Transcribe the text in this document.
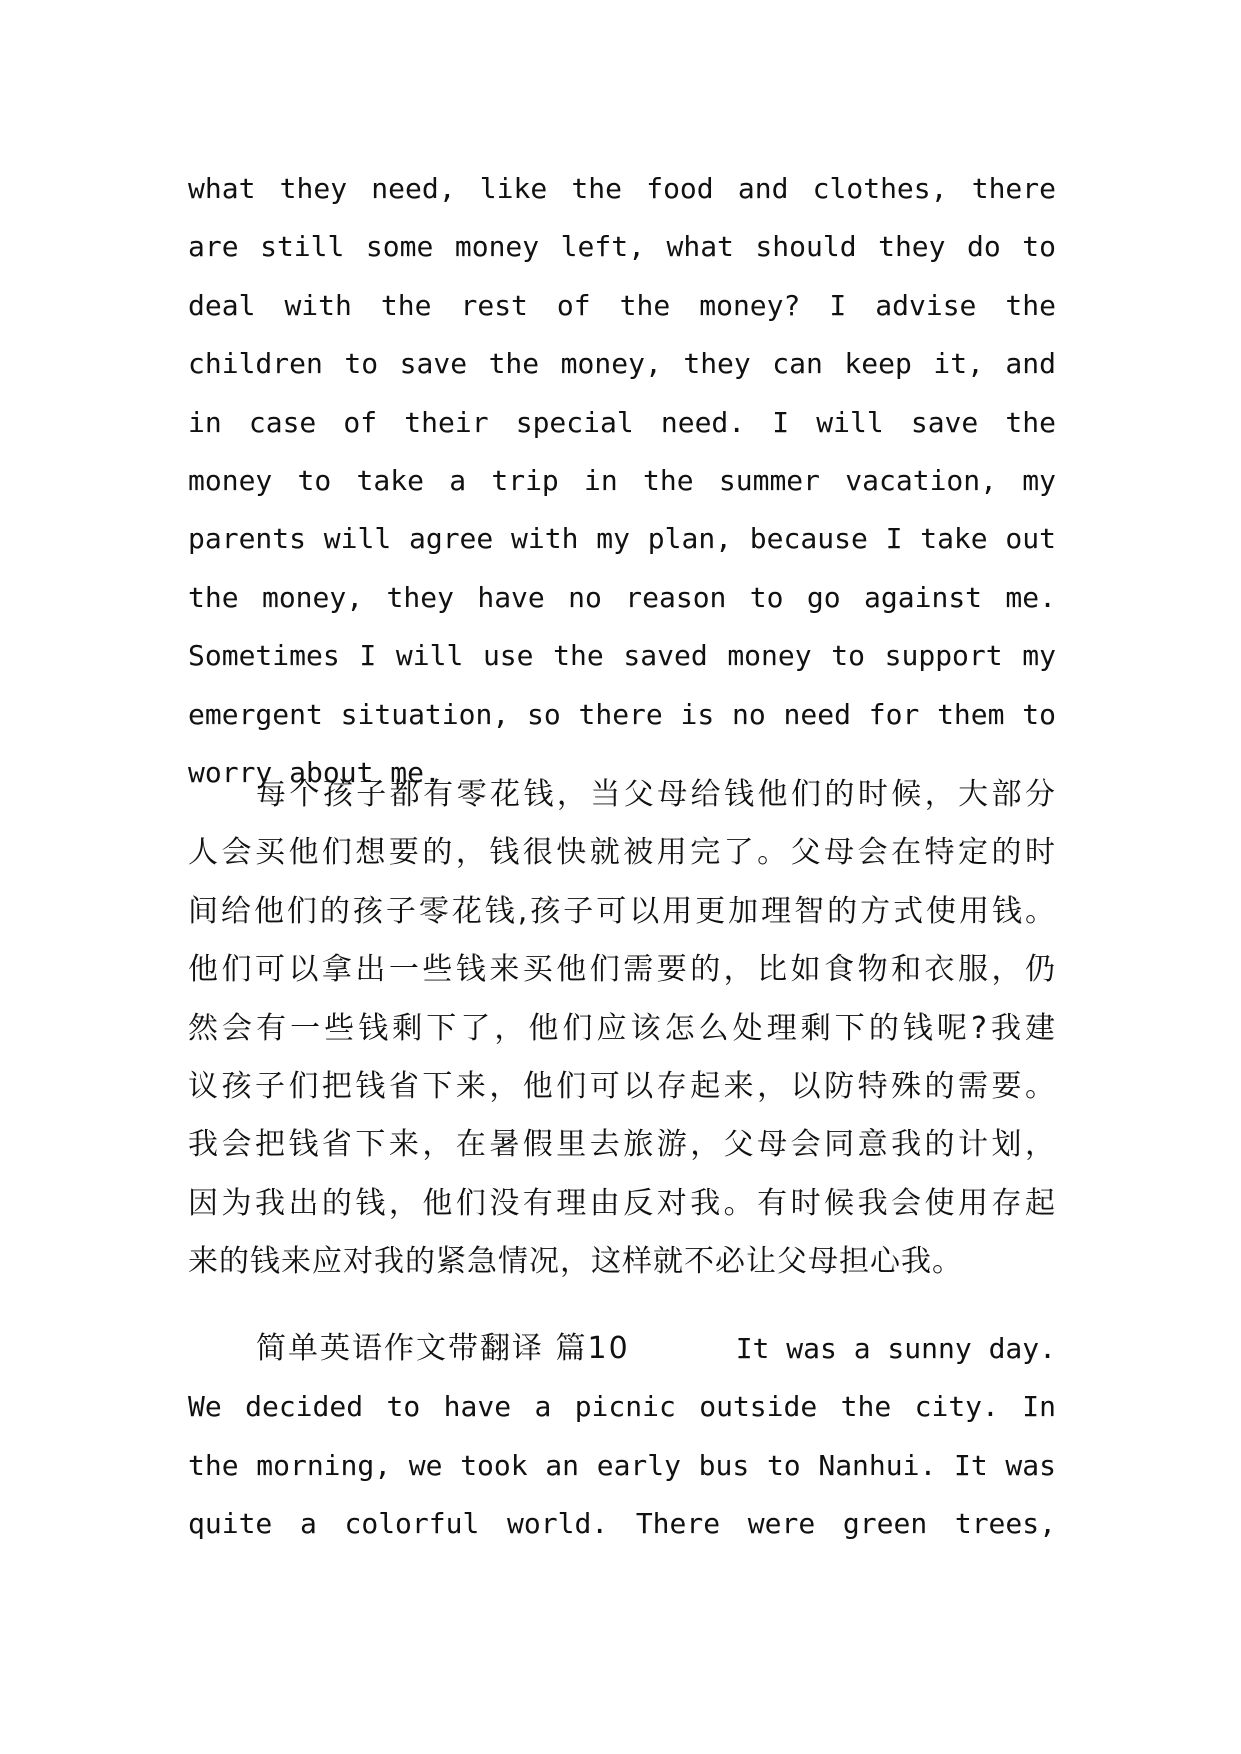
what they need, like the food and clothes, there
are still some money left, what should they do to
deal with the rest of the money? I advise the
children to save the money, they can keep it, and
in case of their special need. I will save the
money to take a trip in the summer vacation, my
parents will agree with my plan, because I take out
the money, they have no reason to go against me.
Sometimes I will use the saved money to support my
emergent situation, so there is no need for them to
worry about me.
每个孩子都有零花钱，当父母给钱他们的时候，大部分
人会买他们想要的，钱很快就被用完了。父母会在特定的时
间给他们的孩子零花钱,孩子可以用更加理智的方式使用钱。
他们可以拿出一些钱来买他们需要的，比如食物和衣服，仍
然会有一些钱剩下了，他们应该怎么处理剩下的钱呢?我建
议孩子们把钱省下来，他们可以存起来，以防特殊的需要。
我会把钱省下来，在暑假里去旅游，父母会同意我的计划，
因为我出的钱，他们没有理由反对我。有时候我会使用存起
来的钱来应对我的紧急情况，这样就不必让父母担心我。
简单英语作文带翻译 篇10	It was a sunny day.
We decided to have a picnic outside the city. In
the morning, we took an early bus to Nanhui. It was
quite a colorful world. There were green trees,
